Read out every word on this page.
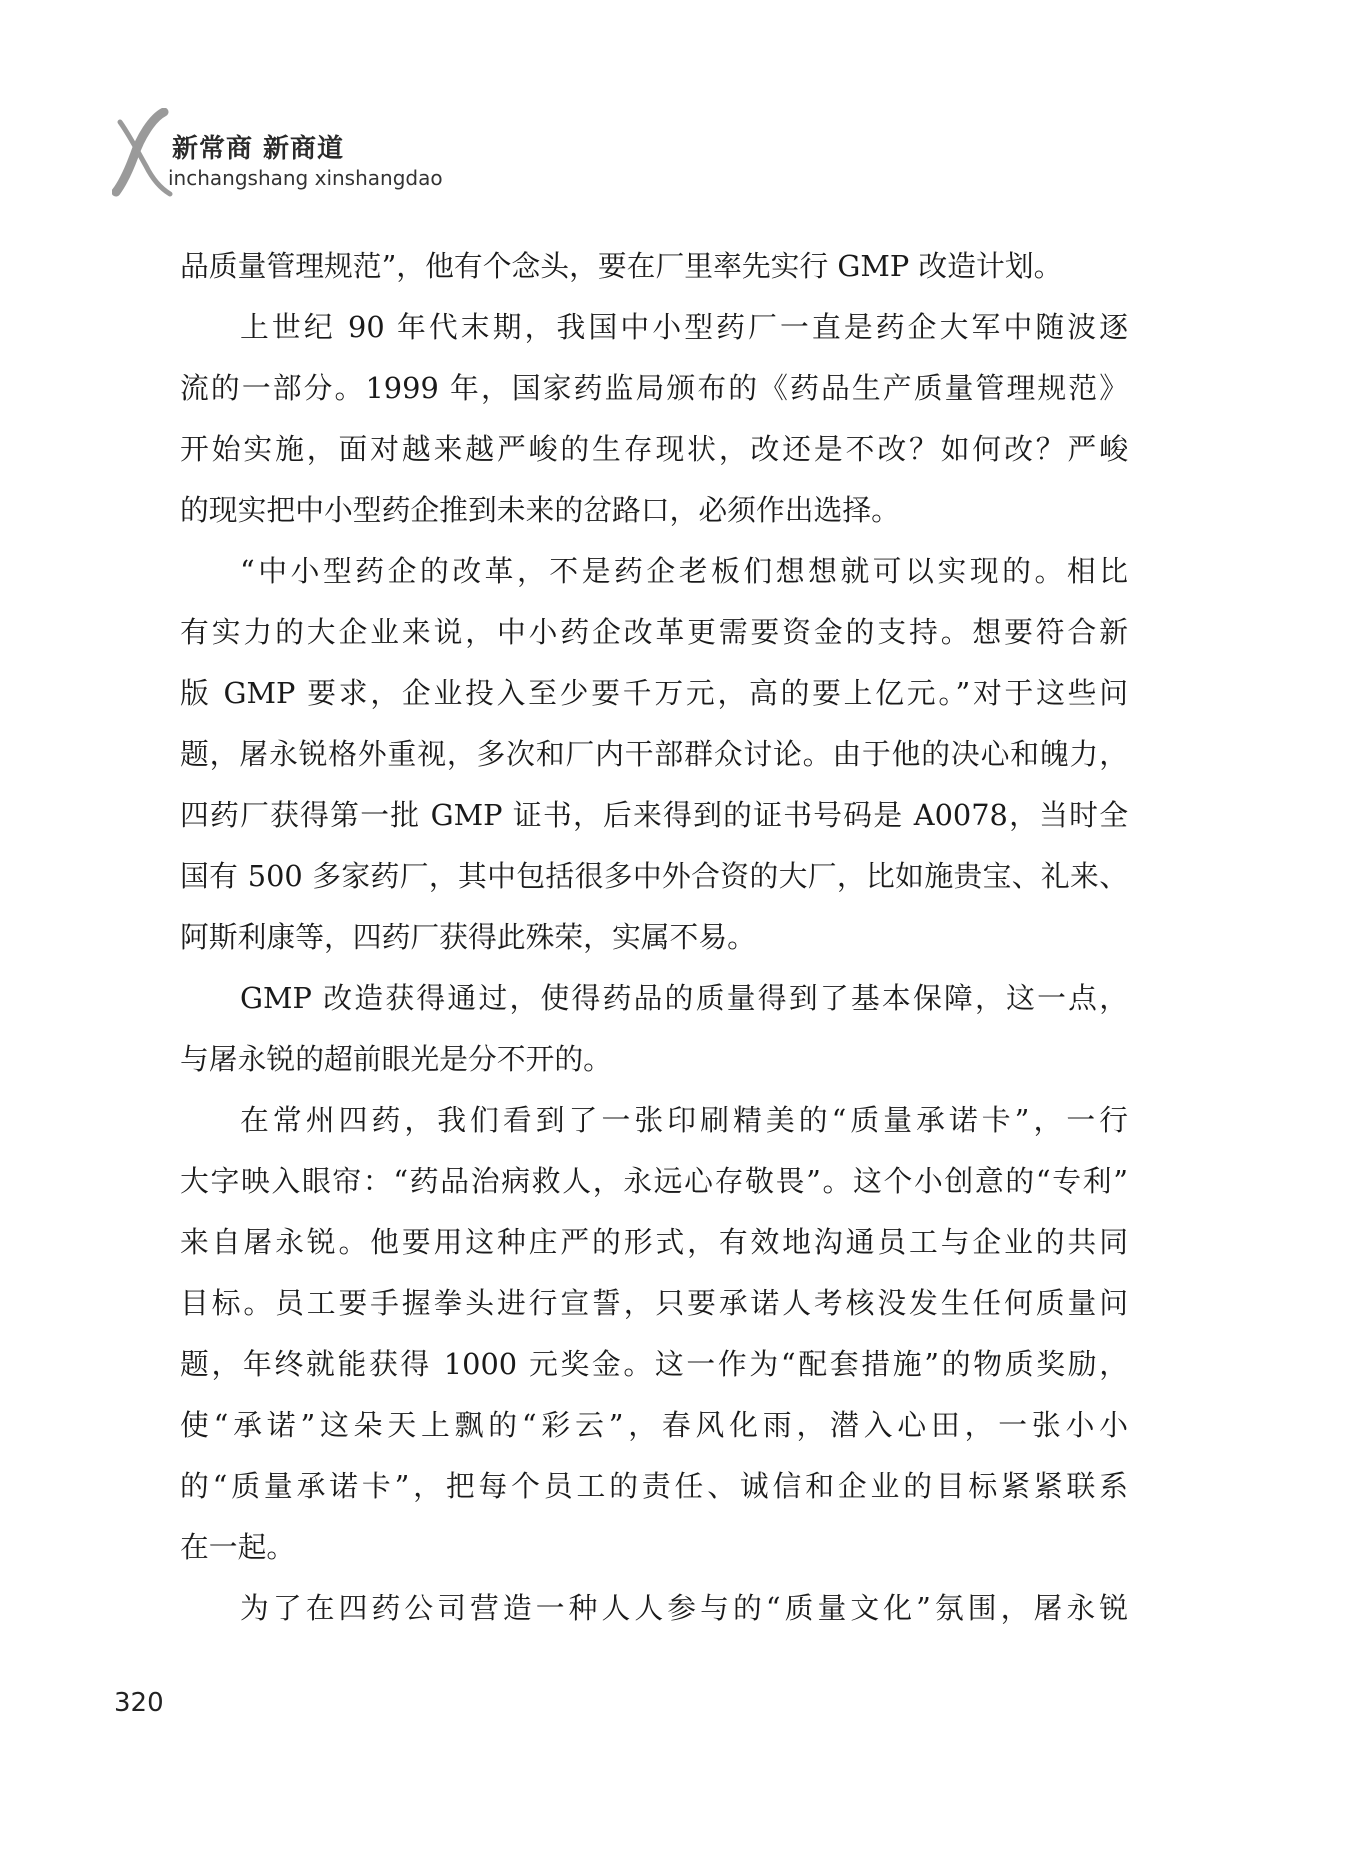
新常商 新商道
inchangshang xinshangdao
品质量管理规范”，他有个念头，要在厂里率先实行 GMP 改造计划。
上世纪 90 年代末期，我国中小型药厂一直是药企大军中随波逐
流的一部分。1999 年，国家药监局颁布的《药品生产质量管理规范》
开始实施，面对越来越严峻的生存现状，改还是不改？如何改？严峻
的现实把中小型药企推到未来的岔路口，必须作出选择。
“中小型药企的改革，不是药企老板们想想就可以实现的。相比
有实力的大企业来说，中小药企改革更需要资金的支持。想要符合新
版 GMP 要求，企业投入至少要千万元，高的要上亿元。”对于这些问
题，屠永锐格外重视，多次和厂内干部群众讨论。由于他的决心和魄力，
四药厂获得第一批 GMP 证书，后来得到的证书号码是 A0078，当时全
国有 500 多家药厂，其中包括很多中外合资的大厂，比如施贵宝、礼来、
阿斯利康等，四药厂获得此殊荣，实属不易。
GMP 改造获得通过，使得药品的质量得到了基本保障，这一点，
与屠永锐的超前眼光是分不开的。
在常州四药，我们看到了一张印刷精美的“质量承诺卡”，一行
大字映入眼帘：“药品治病救人，永远心存敬畏”。这个小创意的“专利”
来自屠永锐。他要用这种庄严的形式，有效地沟通员工与企业的共同
目标。员工要手握拳头进行宣誓，只要承诺人考核没发生任何质量问
题，年终就能获得 1000 元奖金。这一作为“配套措施”的物质奖励，
使“承诺”这朵天上飘的“彩云”，春风化雨，潜入心田，一张小小
的“质量承诺卡”，把每个员工的责任、诚信和企业的目标紧紧联系
在一起。
为了在四药公司营造一种人人参与的“质量文化”氛围，屠永锐
320
